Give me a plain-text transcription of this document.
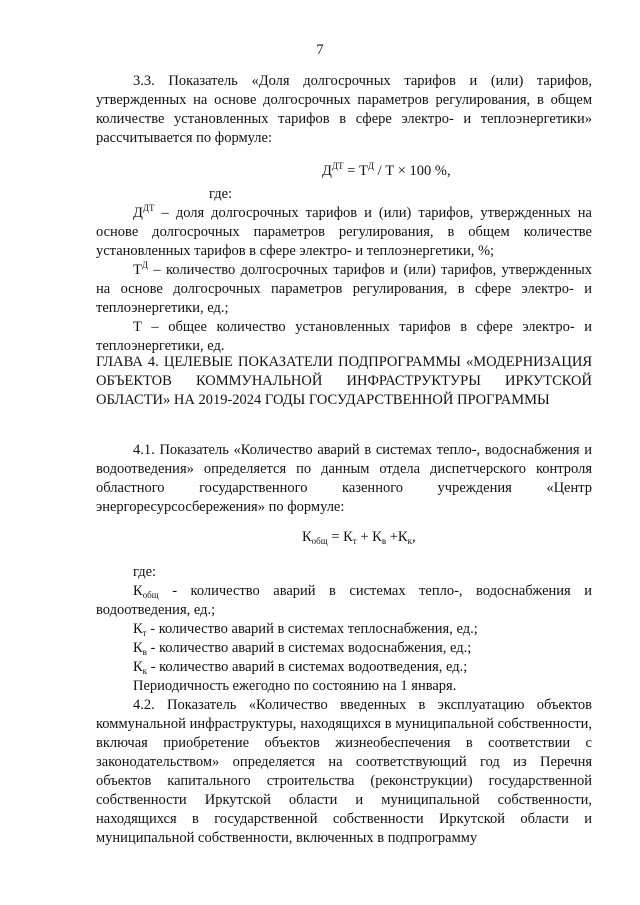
7

3.3. Показатель «Доля долгосрочных тарифов и (или) тарифов, утвержденных на основе долгосрочных параметров регулирования, в общем количестве установленных тарифов в сфере электро- и теплоэнергетики» рассчитывается по формуле:

$Д^{ДТ} = Т^Д / Т \times 100$ %,
где:

$Д^{ДТ}$ – доля долгосрочных тарифов и (или) тарифов, утвержденных на основе долгосрочных параметров регулирования, в общем количестве установленных тарифов в сфере электро- и теплоэнергетики, %;

$Т^Д$ – количество долгосрочных тарифов и (или) тарифов, утвержденных на основе долгосрочных параметров регулирования, в сфере электро- и теплоэнергетики, ед.;

Т – общее количество установленных тарифов в сфере электро- и теплоэнергетики, ед.

ГЛАВА 4. ЦЕЛЕВЫЕ ПОКАЗАТЕЛИ ПОДПРОГРАММЫ «МОДЕРНИЗАЦИЯ ОБЪЕКТОВ КОММУНАЛЬНОЙ ИНФРАСТРУКТУРЫ ИРКУТСКОЙ ОБЛАСТИ» НА 2019-2024 ГОДЫ ГОСУДАРСТВЕННОЙ ПРОГРАММЫ

4.1. Показатель «Количество аварий в системах тепло-, водоснабжения и водоотведения» определяется по данным отдела диспетчерского контроля областного государственного казенного учреждения «Центр энергоресурсосбережения» по формуле:

$К_{общ} = К_т + К_в +К_к$,
где:

$К_{общ}$ - количество аварий в системах тепло-, водоснабжения и водоотведения, ед.;

$К_т$ - количество аварий в системах теплоснабжения, ед.;

$К_в$ - количество аварий в системах водоснабжения, ед.;

$К_к$ - количество аварий в системах водоотведения, ед.;

Периодичность ежегодно по состоянию на 1 января.

4.2. Показатель «Количество введенных в эксплуатацию объектов коммунальной инфраструктуры, находящихся в муниципальной собственности, включая приобретение объектов жизнеобеспечения в соответствии с законодательством» определяется на соответствующий год из Перечня объектов капитального строительства (реконструкции) государственной собственности Иркутской области и муниципальной собственности, находящихся в государственной собственности Иркутской области и муниципальной собственности, включенных в подпрограмму
